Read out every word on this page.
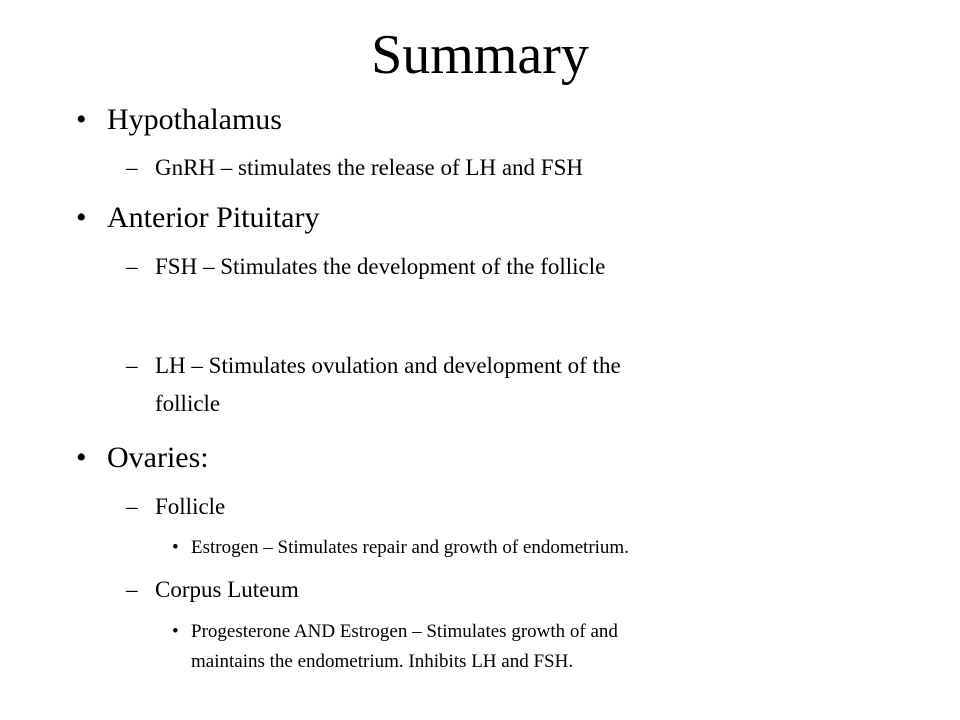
Summary
• Hypothalamus
– GnRH – stimulates the release of LH and FSH
• Anterior Pituitary
– FSH – Stimulates the development of the follicle
– LH – Stimulates ovulation and development of the
follicle
• Ovaries:
– Follicle
• Estrogen – Stimulates repair and growth of endometrium.
– Corpus Luteum
• Progesterone AND Estrogen – Stimulates growth of and
maintains the endometrium. Inhibits LH and FSH.
